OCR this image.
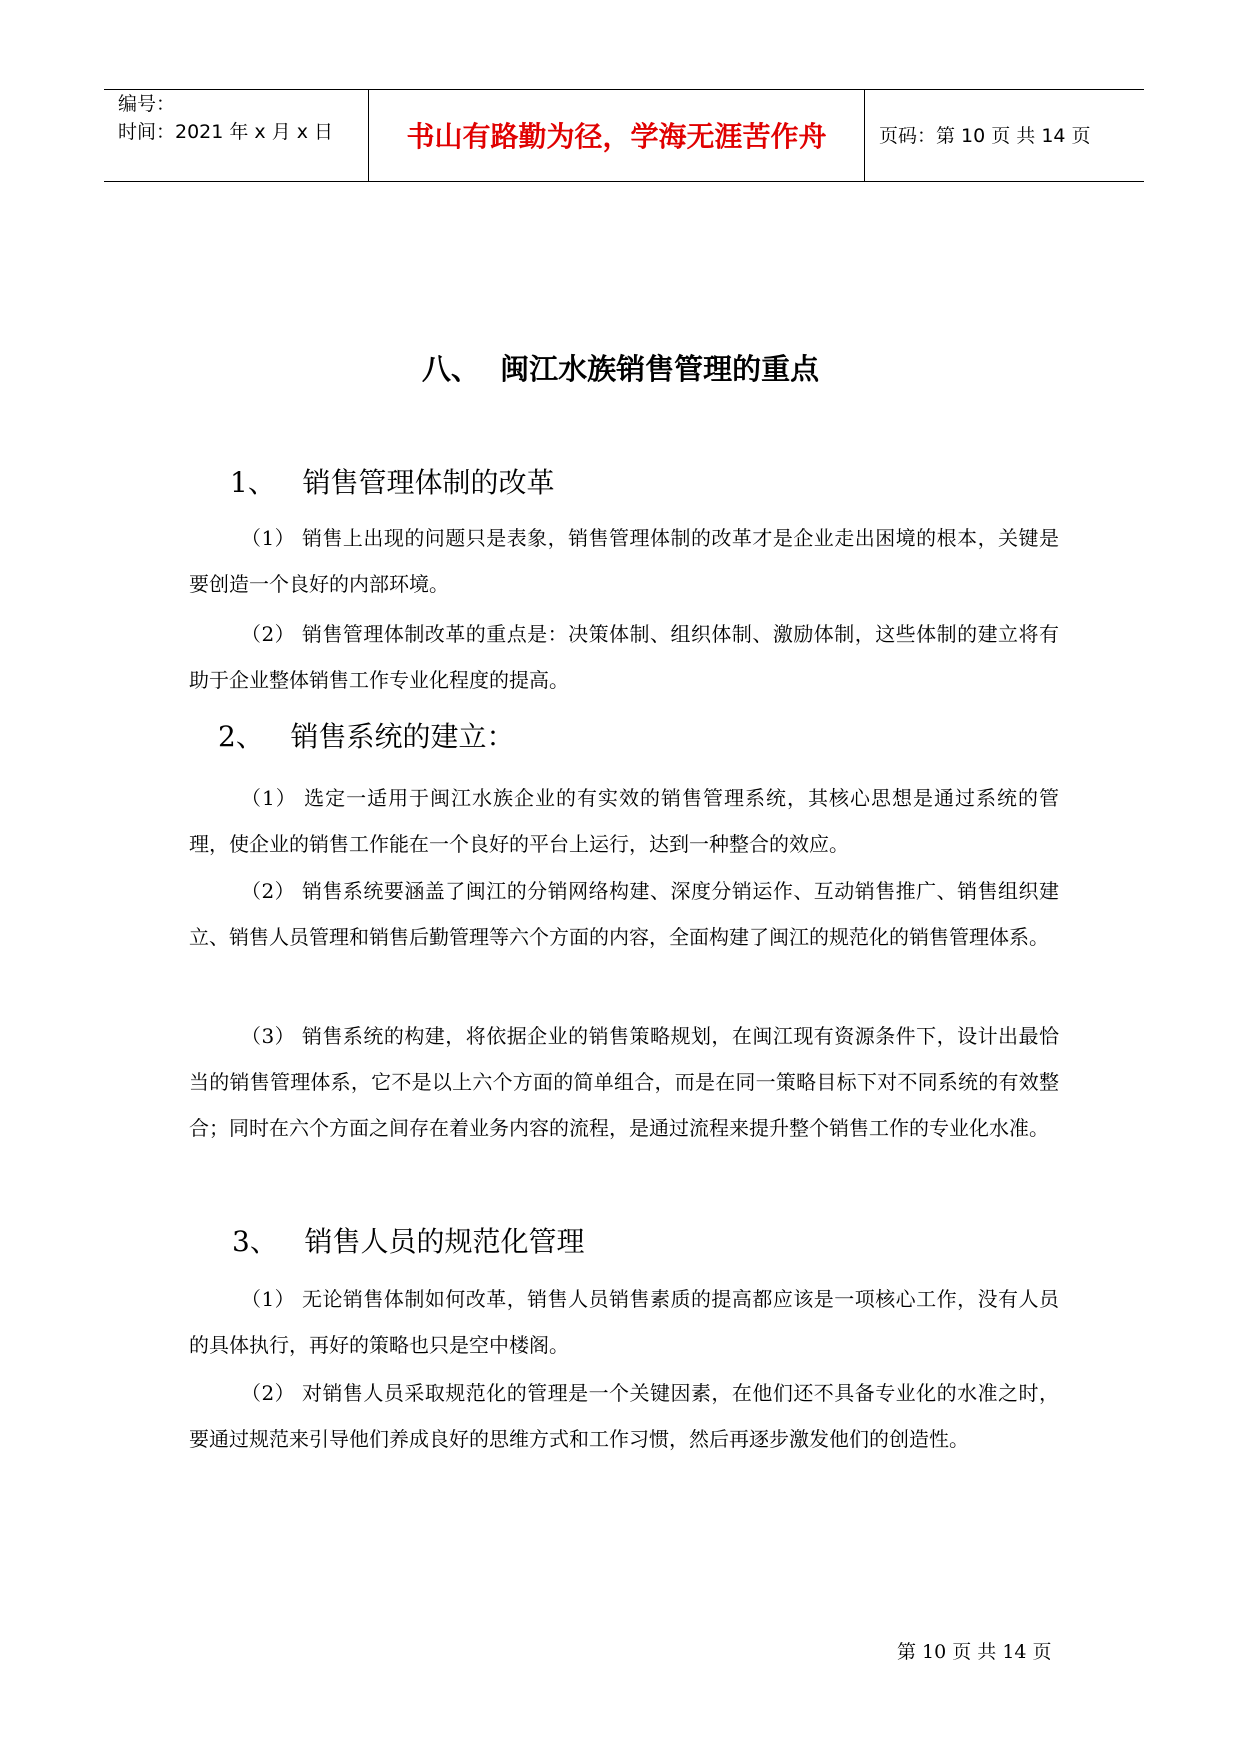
编号：
时间：2021 年 x 月 x 日	书山有路勤为径，学海无涯苦作舟	页码：第 10 页 共 14 页
八、  闽江水族销售管理的重点
1、   销售管理体制的改革
（1） 销售上出现的问题只是表象，销售管理体制的改革才是企业走出困境的根本，关键是要创造一个良好的内部环境。
（2） 销售管理体制改革的重点是：决策体制、组织体制、激励体制，这些体制的建立将有助于企业整体销售工作专业化程度的提高。
2、   销售系统的建立：
（1） 选定一适用于闽江水族企业的有实效的销售管理系统，其核心思想是通过系统的管理，使企业的销售工作能在一个良好的平台上运行，达到一种整合的效应。
（2） 销售系统要涵盖了闽江的分销网络构建、深度分销运作、互动销售推广、销售组织建立、销售人员管理和销售后勤管理等六个方面的内容，全面构建了闽江的规范化的销售管理体系。
（3） 销售系统的构建，将依据企业的销售策略规划，在闽江现有资源条件下，设计出最恰当的销售管理体系，它不是以上六个方面的简单组合，而是在同一策略目标下对不同系统的有效整合；同时在六个方面之间存在着业务内容的流程，是通过流程来提升整个销售工作的专业化水准。
3、   销售人员的规范化管理
（1） 无论销售体制如何改革，销售人员销售素质的提高都应该是一项核心工作，没有人员的具体执行，再好的策略也只是空中楼阁。
（2） 对销售人员采取规范化的管理是一个关键因素，在他们还不具备专业化的水准之时，要通过规范来引导他们养成良好的思维方式和工作习惯，然后再逐步激发他们的创造性。
第 10 页 共 14 页
